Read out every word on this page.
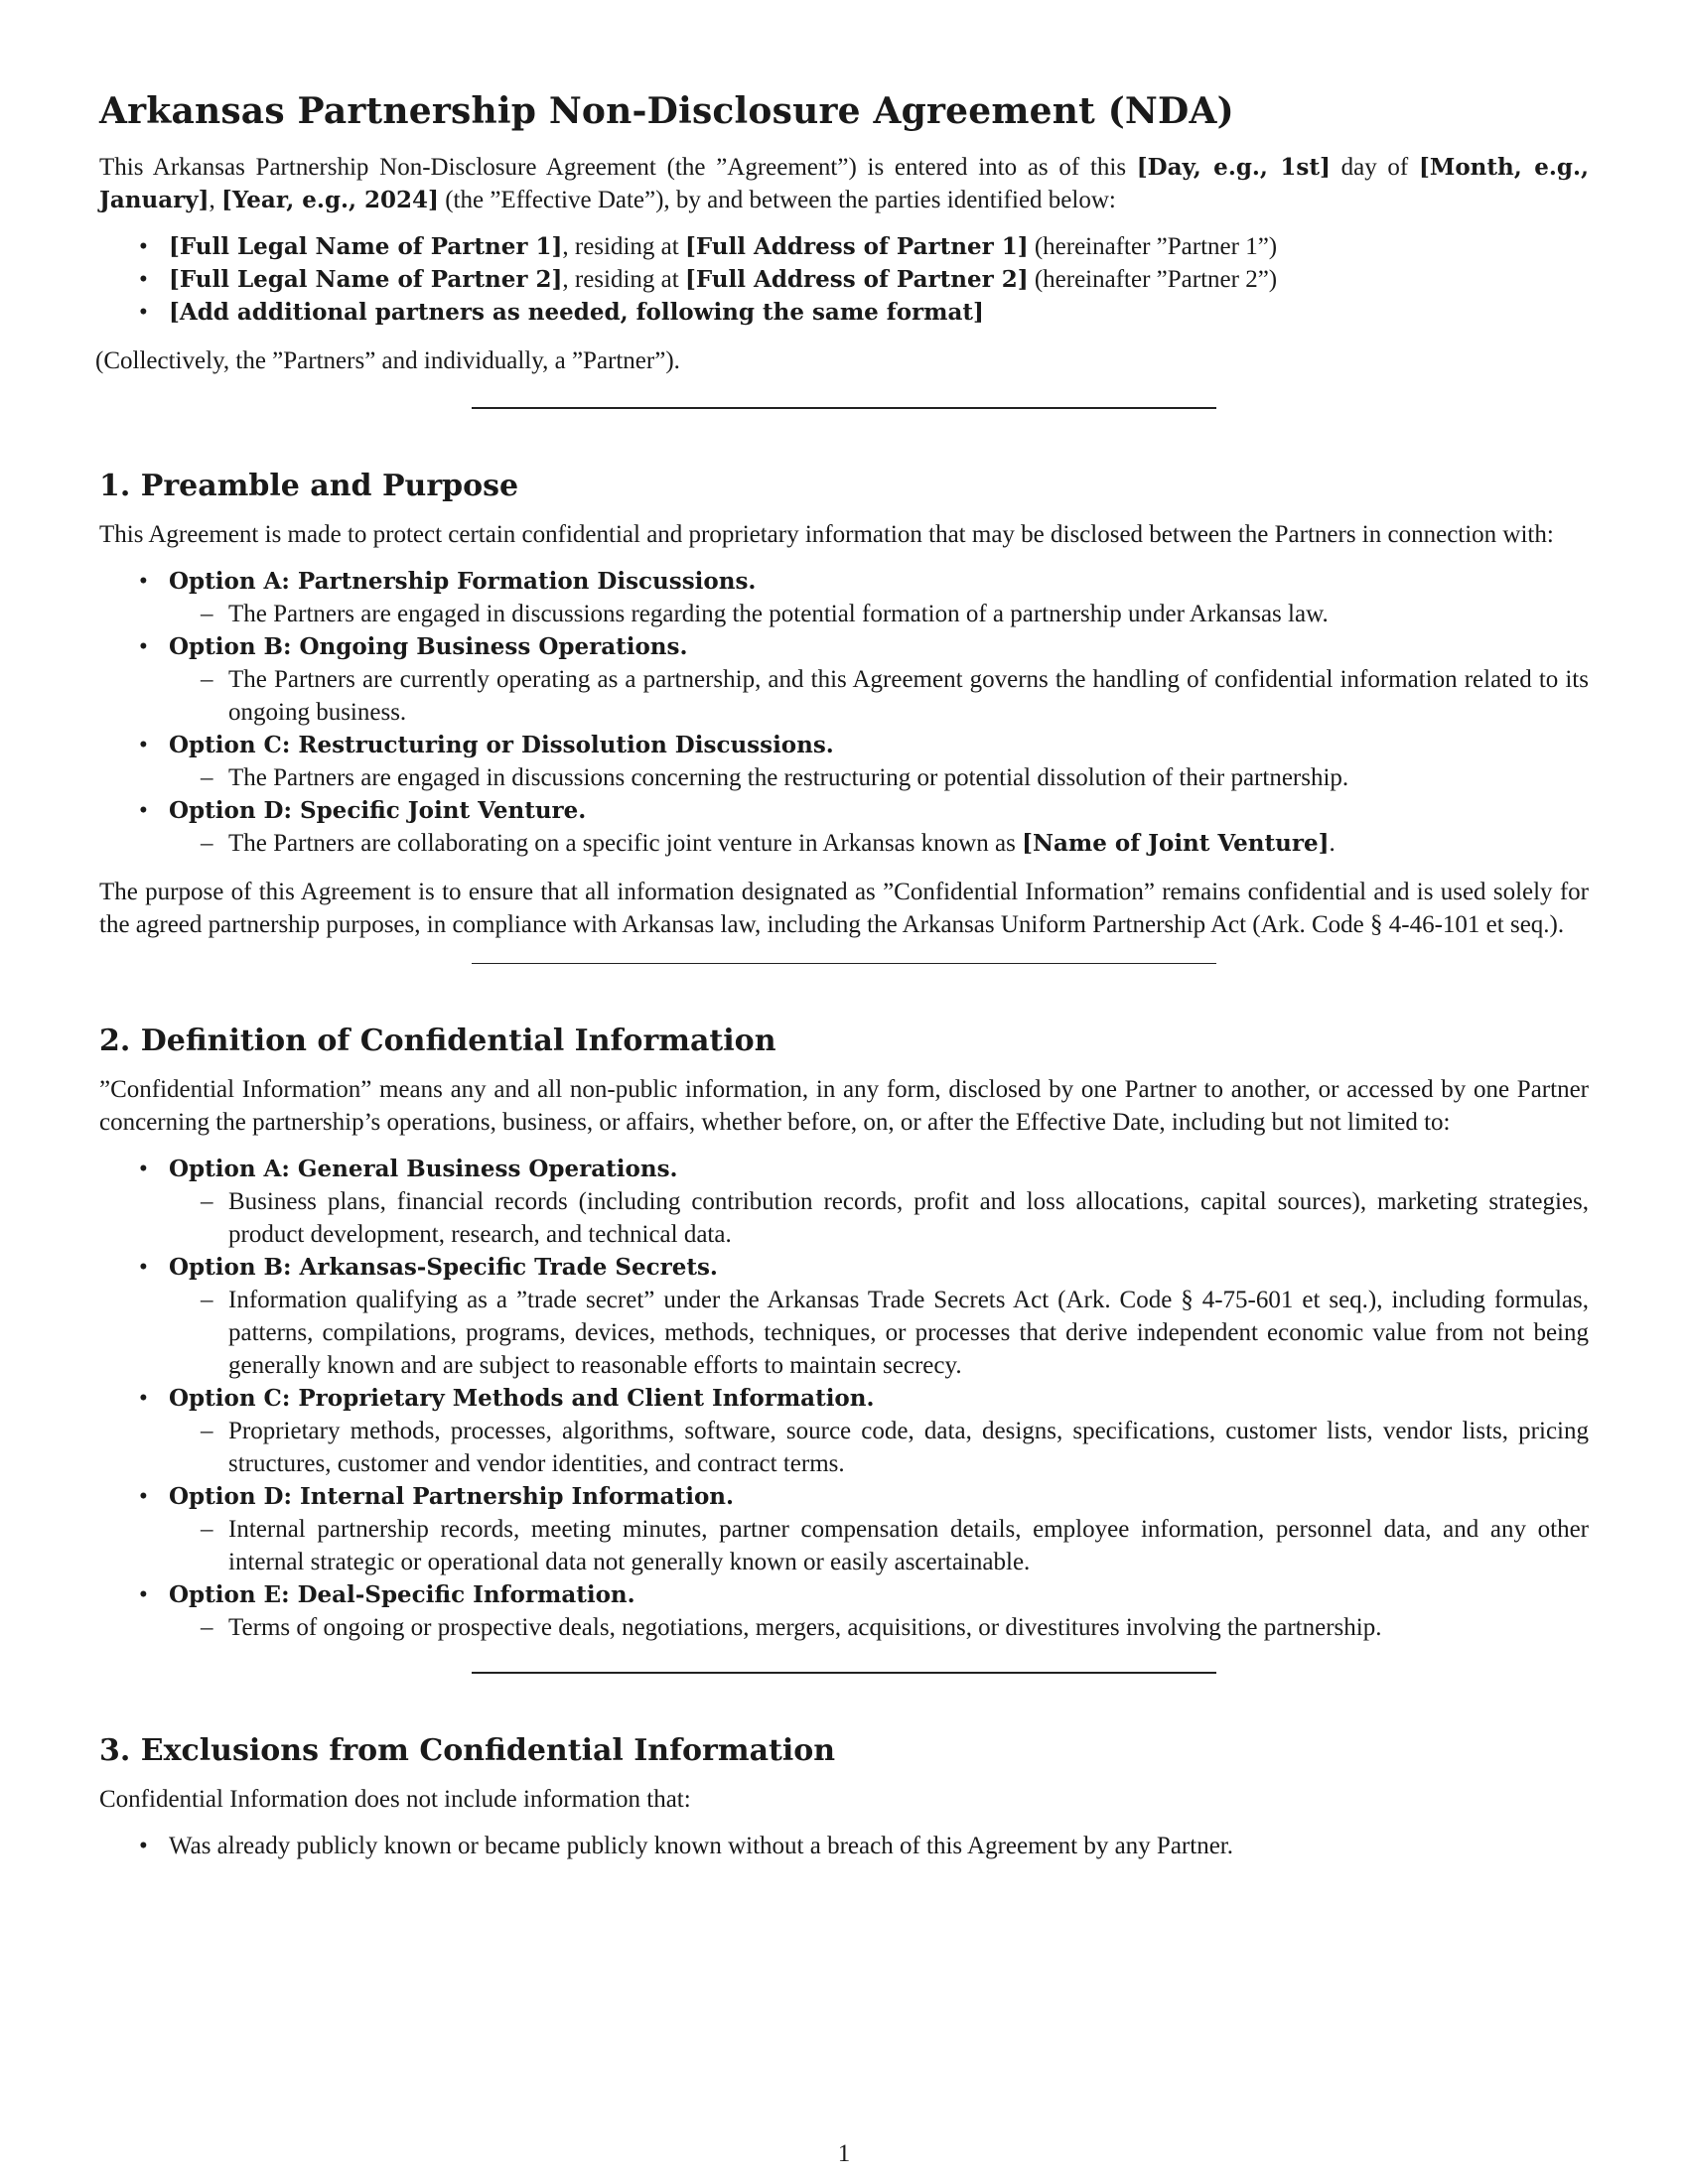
Arkansas Partnership Non-Disclosure Agreement (NDA)

This Arkansas Partnership Non-Disclosure Agreement (the ”Agreement”) is entered into as of this [Day, e.g., 1st] day of [Month, e.g., January], [Year, e.g., 2024] (the ”Effective Date”), by and between the parties identified below:

• [Full Legal Name of Partner 1], residing at [Full Address of Partner 1] (hereinafter ”Partner 1”)
• [Full Legal Name of Partner 2], residing at [Full Address of Partner 2] (hereinafter ”Partner 2”)
• [Add additional partners as needed, following the same format]

(Collectively, the ”Partners” and individually, a ”Partner”).

1. Preamble and Purpose

This Agreement is made to protect certain confidential and proprietary information that may be disclosed between the Partners in connection with:

• Option A: Partnership Formation Discussions.
– The Partners are engaged in discussions regarding the potential formation of a partnership under Arkansas law.
• Option B: Ongoing Business Operations.
– The Partners are currently operating as a partnership, and this Agreement governs the handling of confidential information related to its ongoing business.
• Option C: Restructuring or Dissolution Discussions.
– The Partners are engaged in discussions concerning the restructuring or potential dissolution of their partnership.
• Option D: Specific Joint Venture.
– The Partners are collaborating on a specific joint venture in Arkansas known as [Name of Joint Venture].

The purpose of this Agreement is to ensure that all information designated as ”Confidential Information” remains confidential and is used solely for the agreed partnership purposes, in compliance with Arkansas law, including the Arkansas Uniform Partnership Act (Ark. Code § 4-46-101 et seq.).

2. Definition of Confidential Information

”Confidential Information” means any and all non-public information, in any form, disclosed by one Partner to another, or accessed by one Partner concerning the partnership’s operations, business, or affairs, whether before, on, or after the Effective Date, including but not limited to:

• Option A: General Business Operations.
– Business plans, financial records (including contribution records, profit and loss allocations, capital sources), marketing strategies, product development, research, and technical data.
• Option B: Arkansas-Specific Trade Secrets.
– Information qualifying as a ”trade secret” under the Arkansas Trade Secrets Act (Ark. Code § 4-75-601 et seq.), including formulas, patterns, compilations, programs, devices, methods, techniques, or processes that derive independent economic value from not being generally known and are subject to reasonable efforts to maintain secrecy.
• Option C: Proprietary Methods and Client Information.
– Proprietary methods, processes, algorithms, software, source code, data, designs, specifications, customer lists, vendor lists, pricing structures, customer and vendor identities, and contract terms.
• Option D: Internal Partnership Information.
– Internal partnership records, meeting minutes, partner compensation details, employee information, personnel data, and any other internal strategic or operational data not generally known or easily ascertainable.
• Option E: Deal-Specific Information.
– Terms of ongoing or prospective deals, negotiations, mergers, acquisitions, or divestitures involving the partnership.
3. Exclusions from Confidential Information

Confidential Information does not include information that:

• Was already publicly known or became publicly known without a breach of this Agreement by any Partner.
1
